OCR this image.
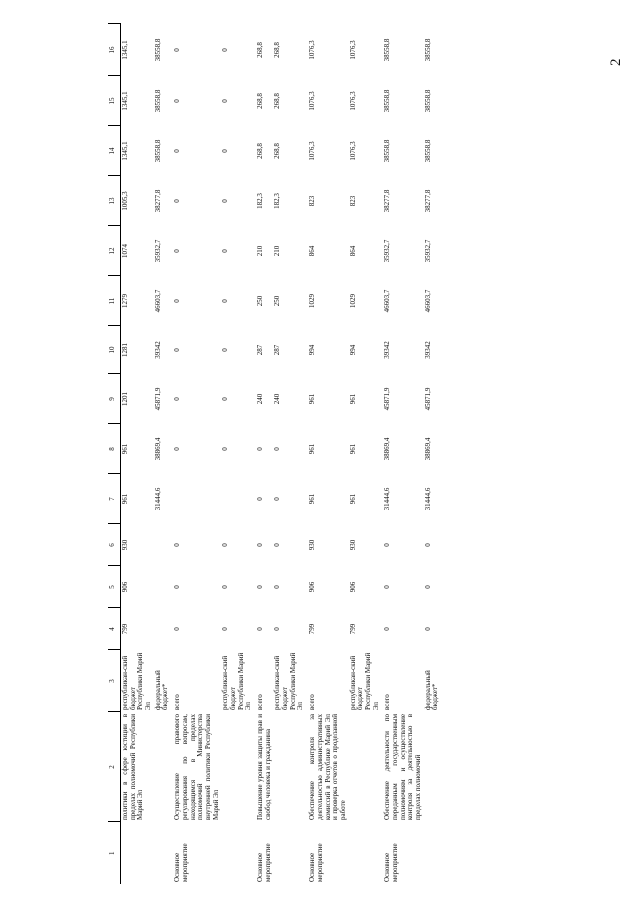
2
1	2	3	4	5	6	7	8	9	10	11	12	13	14	15	16
	политики в сфере юстиции в пределах полномочий Республики Марий Эл	республикан-ский бюджет Республики Марий Эл	799	906	930	961	961	1201	1281	1279	1074	1005,3	1345,1	1345,1	1345,1
		федеральный бюджет*				31444,6	38869,4	45871,9	39342	46603,7	35932,7	38277,8	38558,8	38558,8	38558,8
Основное мероприятие	Осуществление правового регулирования по вопросам, находящимся в пределах полномочий Министерства внутренней политики Республики Марий Эл	всего	0	0	0		0	0	0	0	0	0	0	0	0
		республикан-ский бюджет Республики Марий Эл	0	0	0		0	0	0	0	0	0	0	0	0
Основное мероприятие	Повышение уровня защиты прав и свобод человека и гражданина	всего	0	0	0	0	0	240	287	250	210	182,3	268,8	268,8	268,8
		республикан-ский бюджет Республики Марий Эл	0	0	0	0	0	240	287	250	210	182,3	268,8	268,8	268,8
Основное мероприятие	Обеспечение контроля за деятельностью административных комиссий в Республике Марий Эл и проверка отчетов о проделанной работе	всего	799	906	930	961	961	961	994	1029	864	823	1076,3	1076,3	1076,3
		республикан-ский бюджет Республики Марий Эл	799	906	930	961	961	961	994	1029	864	823	1076,3	1076,3	1076,3
Основное мероприятие	Обеспечение деятельности по переданным государственным полномочиям и осуществление контроля за деятельностью в пределах полномочий	всего	0	0	0	31444,6	38869,4	45871,9	39342	46603,7	35932,7	38277,8	38558,8	38558,8	38558,8
		федеральный бюджет*	0	0	0	31444,6	38869,4	45871,9	39342	46603,7	35932,7	38277,8	38558,8	38558,8	38558,8
